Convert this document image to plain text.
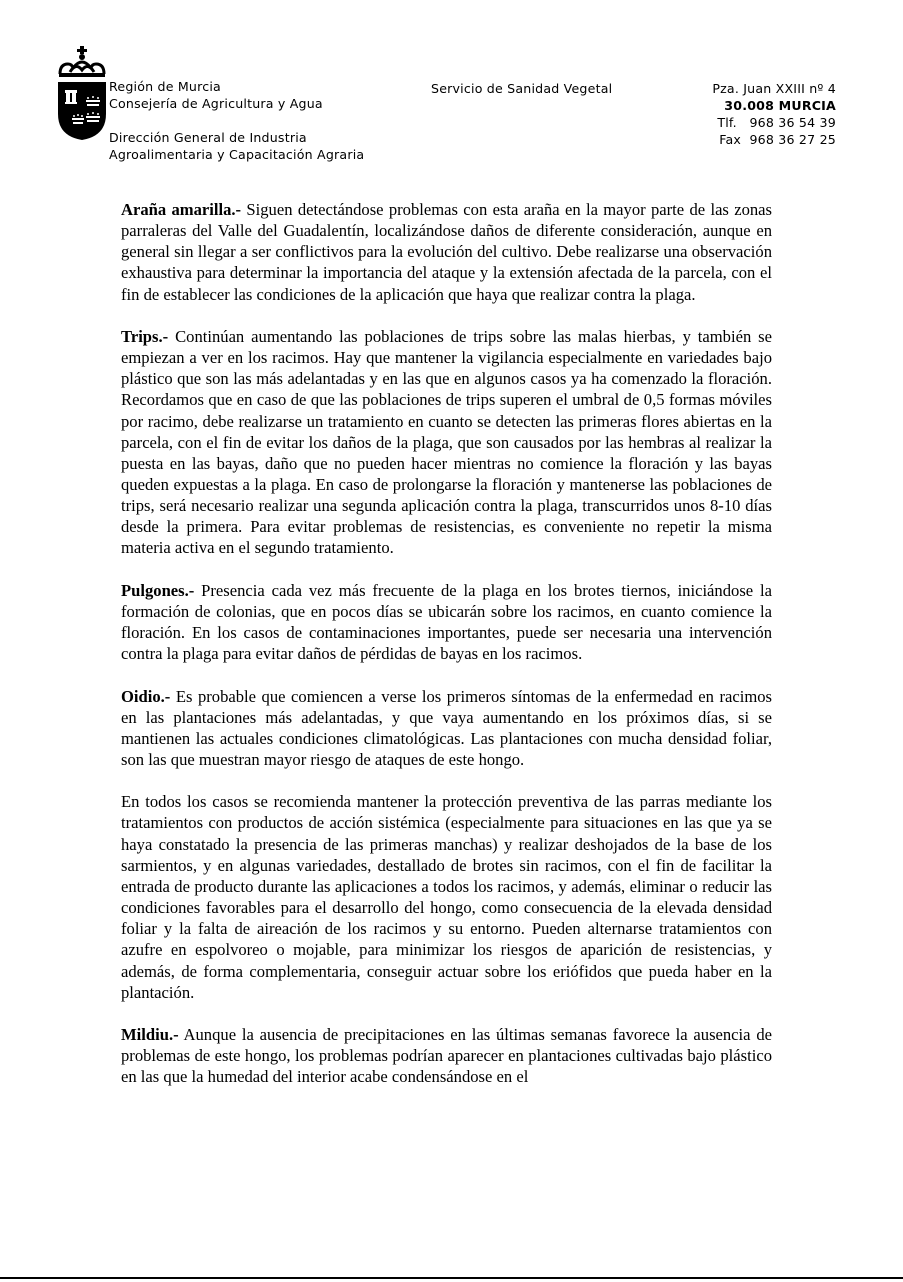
Región de Murcia
Consejería de Agricultura y Agua
Dirección General de Industria
Agroalimentaria y Capacitación Agraria
Servicio de Sanidad Vegetal	Pza. Juan XXIII nº 4
30.008 MURCIA
Tlf.   968 36 54 39
Fax  968 36 27 25

Araña amarilla.- Siguen detectándose problemas con esta araña en la mayor parte de las zonas parraleras del Valle del Guadalentín, localizándose daños de diferente consideración, aunque en general sin llegar a ser conflictivos para la evolución del cultivo. Debe realizarse una observación exhaustiva para determinar la importancia del ataque y la extensión afectada de la parcela, con el fin de establecer las condiciones de la aplicación que haya que realizar contra la plaga.

Trips.- Continúan aumentando las poblaciones de trips sobre las malas hierbas, y también se empiezan a ver en los racimos. Hay que mantener la vigilancia especialmente en variedades bajo plástico que son las más adelantadas y en las que en algunos casos ya ha comenzado la floración. Recordamos que en caso de que las poblaciones de trips superen el umbral de 0,5 formas móviles por racimo, debe realizarse un tratamiento en cuanto se detecten las primeras flores abiertas en la parcela, con el fin de evitar los daños de la plaga, que son causados por las hembras al realizar la puesta en las bayas, daño que no pueden hacer mientras no comience la floración y las bayas queden expuestas a la plaga. En caso de prolongarse la floración y mantenerse las poblaciones de trips, será necesario realizar una segunda aplicación contra la plaga, transcurridos unos 8-10 días desde la primera. Para evitar problemas de resistencias, es conveniente no repetir la misma materia activa en el segundo tratamiento.

Pulgones.- Presencia cada vez más frecuente de la plaga en los brotes tiernos, iniciándose la formación de colonias, que en pocos días se ubicarán sobre los racimos, en cuanto comience la floración. En los casos de contaminaciones importantes, puede ser necesaria una intervención contra la plaga para evitar daños de pérdidas de bayas en los racimos.

Oidio.- Es probable que comiencen a verse los primeros síntomas de la enfermedad en racimos en las plantaciones más adelantadas, y que vaya aumentando en los próximos días, si se mantienen las actuales condiciones climatológicas. Las plantaciones con mucha densidad foliar, son las que muestran mayor riesgo de ataques de este hongo.

En todos los casos se recomienda mantener la protección preventiva de las parras mediante los tratamientos con productos de acción sistémica (especialmente para situaciones en las que ya se haya constatado la presencia de las primeras manchas) y realizar deshojados de la base de los sarmientos, y en algunas variedades, destallado de brotes sin racimos, con el fin de facilitar la entrada de producto durante las aplicaciones a todos los racimos, y además, eliminar o reducir las condiciones favorables para el desarrollo del hongo, como consecuencia de la elevada densidad foliar y la falta de aireación de los racimos y su entorno. Pueden alternarse tratamientos con azufre en espolvoreo o mojable, para minimizar los riesgos de aparición de resistencias, y además, de forma complementaria, conseguir actuar sobre los eriófidos que pueda haber en la plantación.

Mildiu.- Aunque la ausencia de precipitaciones en las últimas semanas favorece la ausencia de problemas de este hongo, los problemas podrían aparecer en plantaciones cultivadas bajo plástico en las que la humedad del interior acabe condensándose en el
